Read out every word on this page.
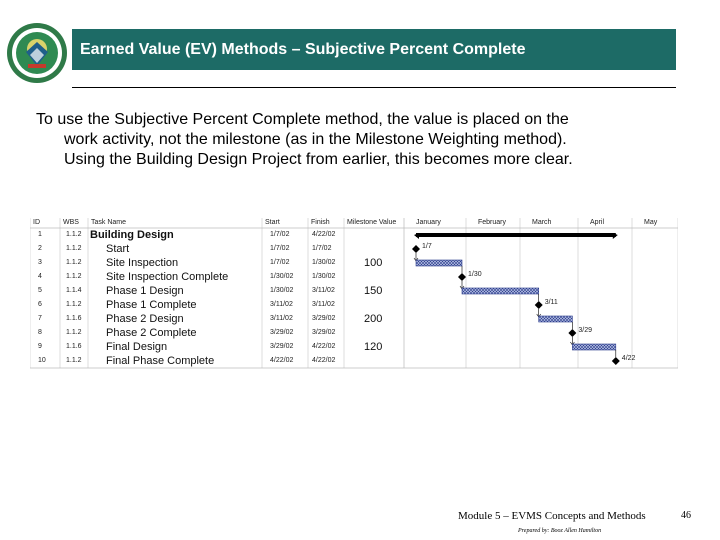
Earned Value (EV) Methods – Subjective Percent Complete
To use the Subjective Percent Complete method, the value is placed on the
work activity, not the milestone (as in the Milestone Weighting method).
Using the Building Design Project from earlier, this becomes more clear.
ID	WBS Task Name	Start	Finish Milestone Value	January	February	March	April	May
1	1.1.2 Building Design	1/7/02	4/22/02
2	1.1.2 Start	1/7/02	1/7/02	1/7
3	1.1.2 Site Inspection	1/7/02	1/30/02	100
4	1.1.2 Site Inspection Complete	1/30/02	1/30/02	1/30
5	1.1.4 Phase 1 Design	1/30/02	3/11/02	150
6	1.1.2 Phase 1 Complete	3/11/02	3/11/02	3/11
7	1.1.6 Phase 2 Design	3/11/02	3/29/02	200
8	1.1.2 Phase 2 Complete	3/29/02	3/29/02	3/29
9	1.1.6 Final Design	3/29/02	4/22/02	120
10	1.1.2 Final Phase Complete	4/22/02	4/22/02	4/22
Module 5 – EVMS Concepts and Methods	46
Prepared by: Booz Allen Hamilton
